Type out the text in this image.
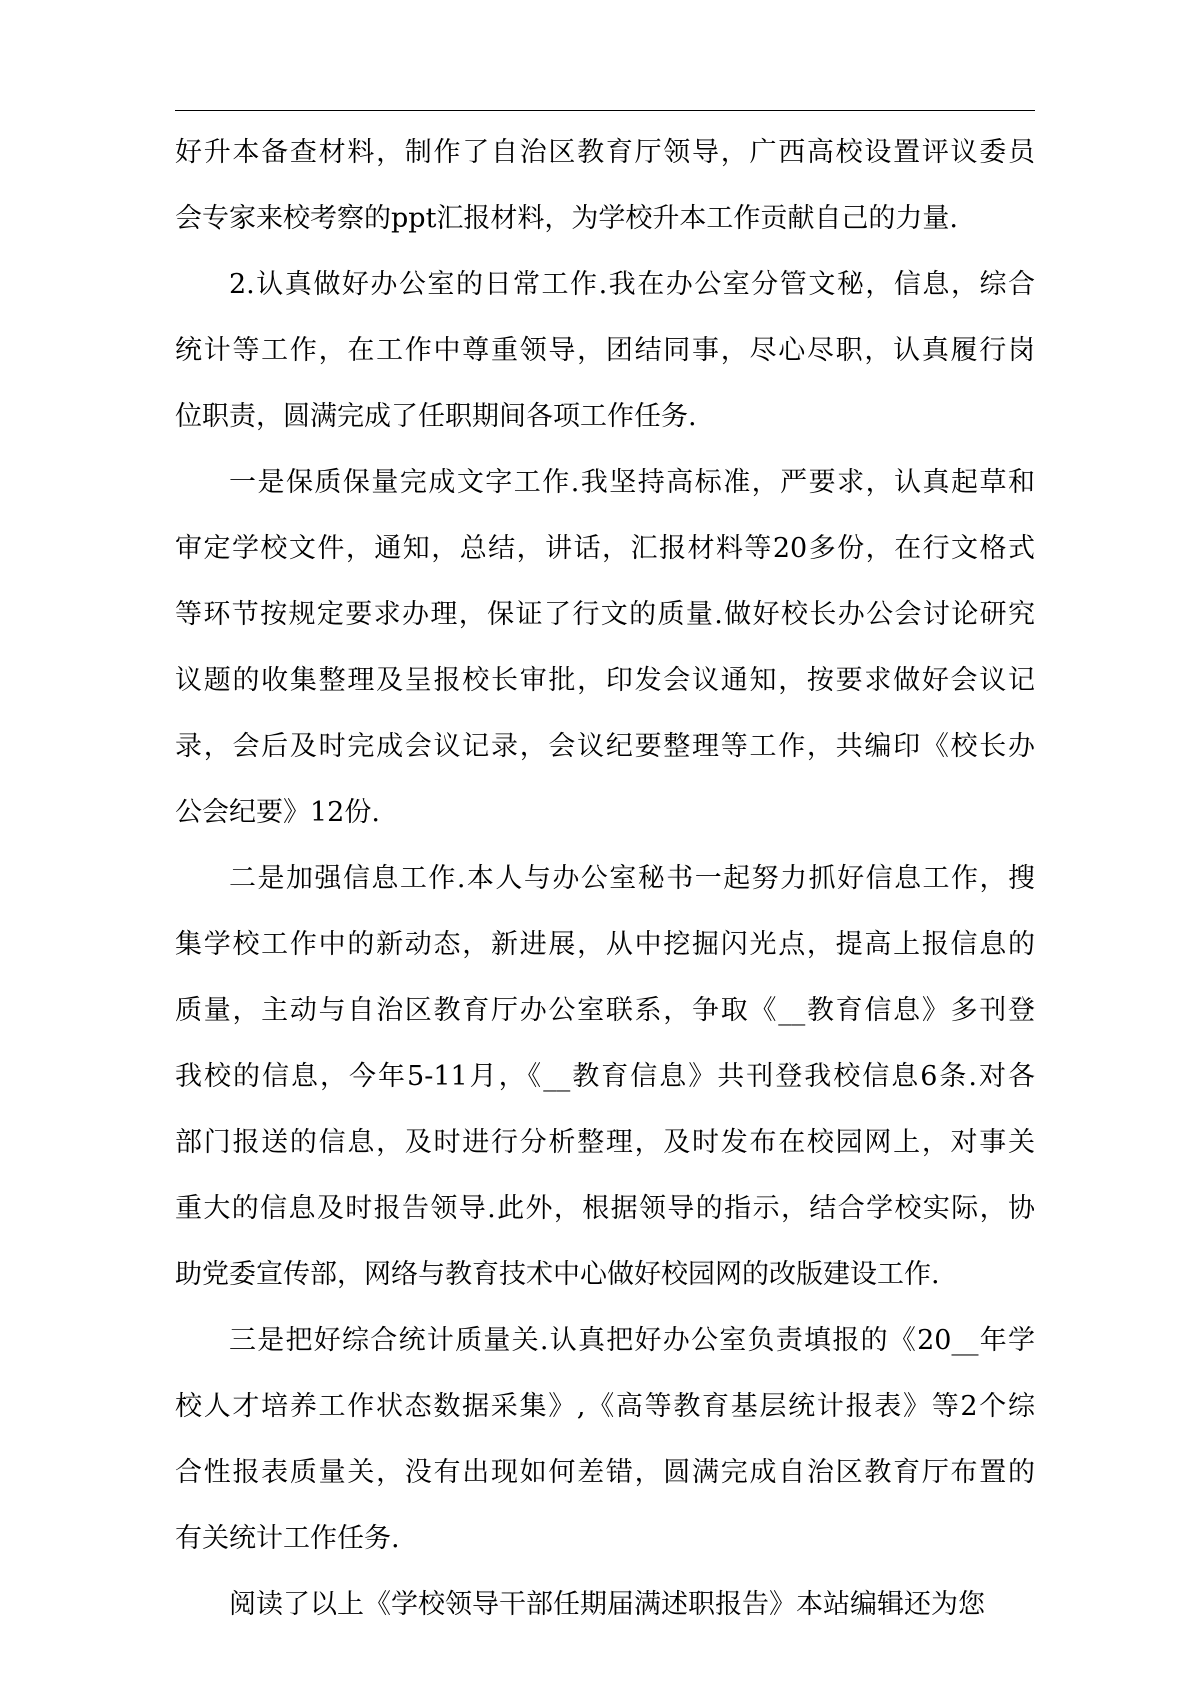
好升本备查材料，制作了自治区教育厅领导，广西高校设置评议委员
会专家来校考察的ppt汇报材料，为学校升本工作贡献自己的力量.
2.认真做好办公室的日常工作.我在办公室分管文秘，信息，综合
统计等工作，在工作中尊重领导，团结同事，尽心尽职，认真履行岗
位职责，圆满完成了任职期间各项工作任务.
一是保质保量完成文字工作.我坚持高标准，严要求，认真起草和
审定学校文件，通知，总结，讲话，汇报材料等20多份，在行文格式
等环节按规定要求办理，保证了行文的质量.做好校长办公会讨论研究
议题的收集整理及呈报校长审批，印发会议通知，按要求做好会议记
录，会后及时完成会议记录，会议纪要整理等工作，共编印《校长办
公会纪要》12份.
二是加强信息工作.本人与办公室秘书一起努力抓好信息工作，搜
集学校工作中的新动态，新进展，从中挖掘闪光点，提高上报信息的
质量，主动与自治区教育厅办公室联系，争取《__教育信息》多刊登
我校的信息，今年5-11月，《__教育信息》共刊登我校信息6条.对各
部门报送的信息，及时进行分析整理，及时发布在校园网上，对事关
重大的信息及时报告领导.此外，根据领导的指示，结合学校实际，协
助党委宣传部，网络与教育技术中心做好校园网的改版建设工作.
三是把好综合统计质量关.认真把好办公室负责填报的《20__年学
校人才培养工作状态数据采集》,《高等教育基层统计报表》等2个综
合性报表质量关，没有出现如何差错，圆满完成自治区教育厅布置的
有关统计工作任务.
阅读了以上《学校领导干部任期届满述职报告》本站编辑还为您
